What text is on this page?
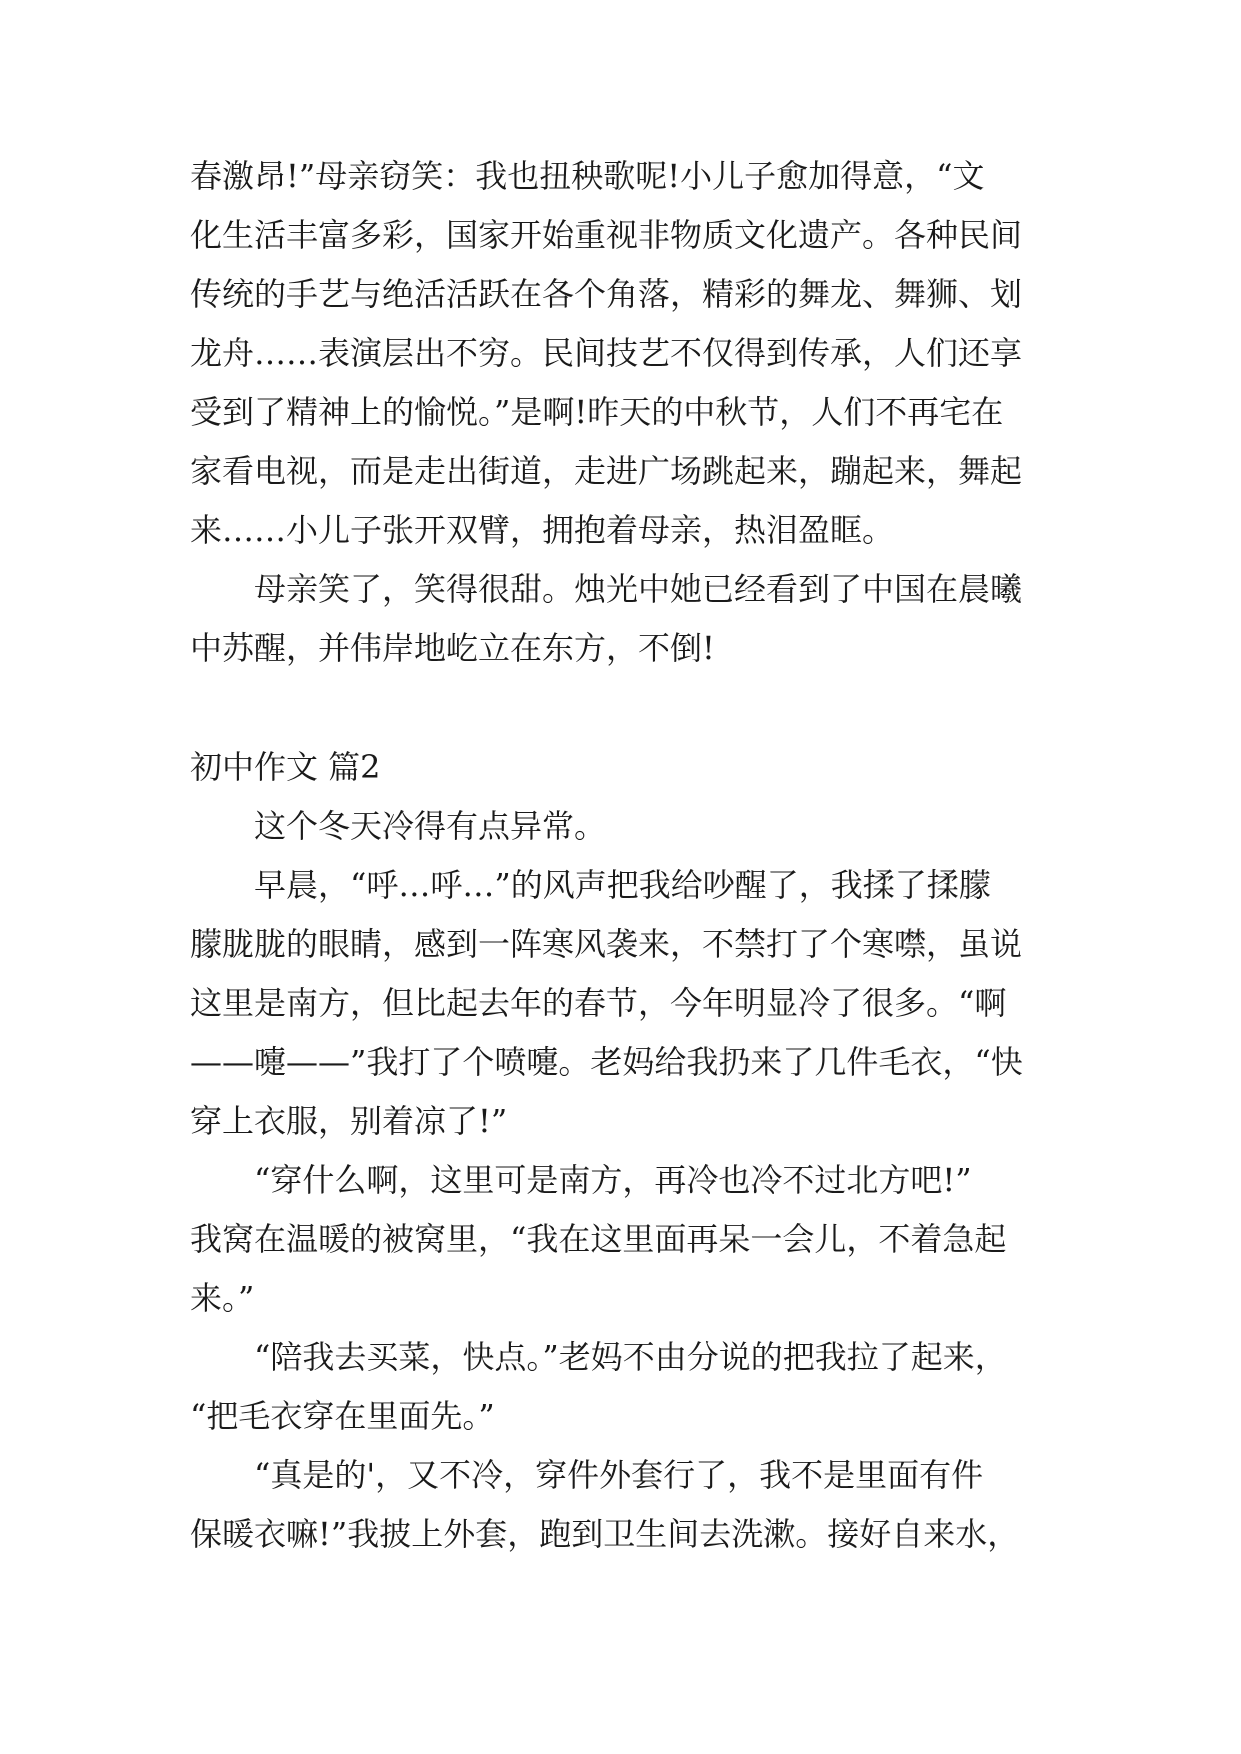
春激昂!”母亲窃笑：我也扭秧歌呢!小儿子愈加得意，“文
化生活丰富多彩，国家开始重视非物质文化遗产。各种民间
传统的手艺与绝活活跃在各个角落，精彩的舞龙、舞狮、划
龙舟……表演层出不穷。民间技艺不仅得到传承，人们还享
受到了精神上的愉悦。”是啊!昨天的中秋节，人们不再宅在
家看电视，而是走出街道，走进广场跳起来，蹦起来，舞起
来……小儿子张开双臂，拥抱着母亲，热泪盈眶。
母亲笑了，笑得很甜。烛光中她已经看到了中国在晨曦
中苏醒，并伟岸地屹立在东方，不倒!
初中作文 篇2
这个冬天冷得有点异常。
早晨，“呼…呼…”的风声把我给吵醒了，我揉了揉朦
朦胧胧的眼睛，感到一阵寒风袭来，不禁打了个寒噤，虽说
这里是南方，但比起去年的春节，今年明显冷了很多。“啊
——嚏——”我打了个喷嚏。老妈给我扔来了几件毛衣，“快
穿上衣服，别着凉了!”
“穿什么啊，这里可是南方，再冷也冷不过北方吧!”
我窝在温暖的被窝里，“我在这里面再呆一会儿，不着急起
来。”
“陪我去买菜，快点。”老妈不由分说的把我拉了起来，
“把毛衣穿在里面先。”
“真是的'，又不冷，穿件外套行了，我不是里面有件
保暖衣嘛!”我披上外套，跑到卫生间去洗漱。接好自来水，
